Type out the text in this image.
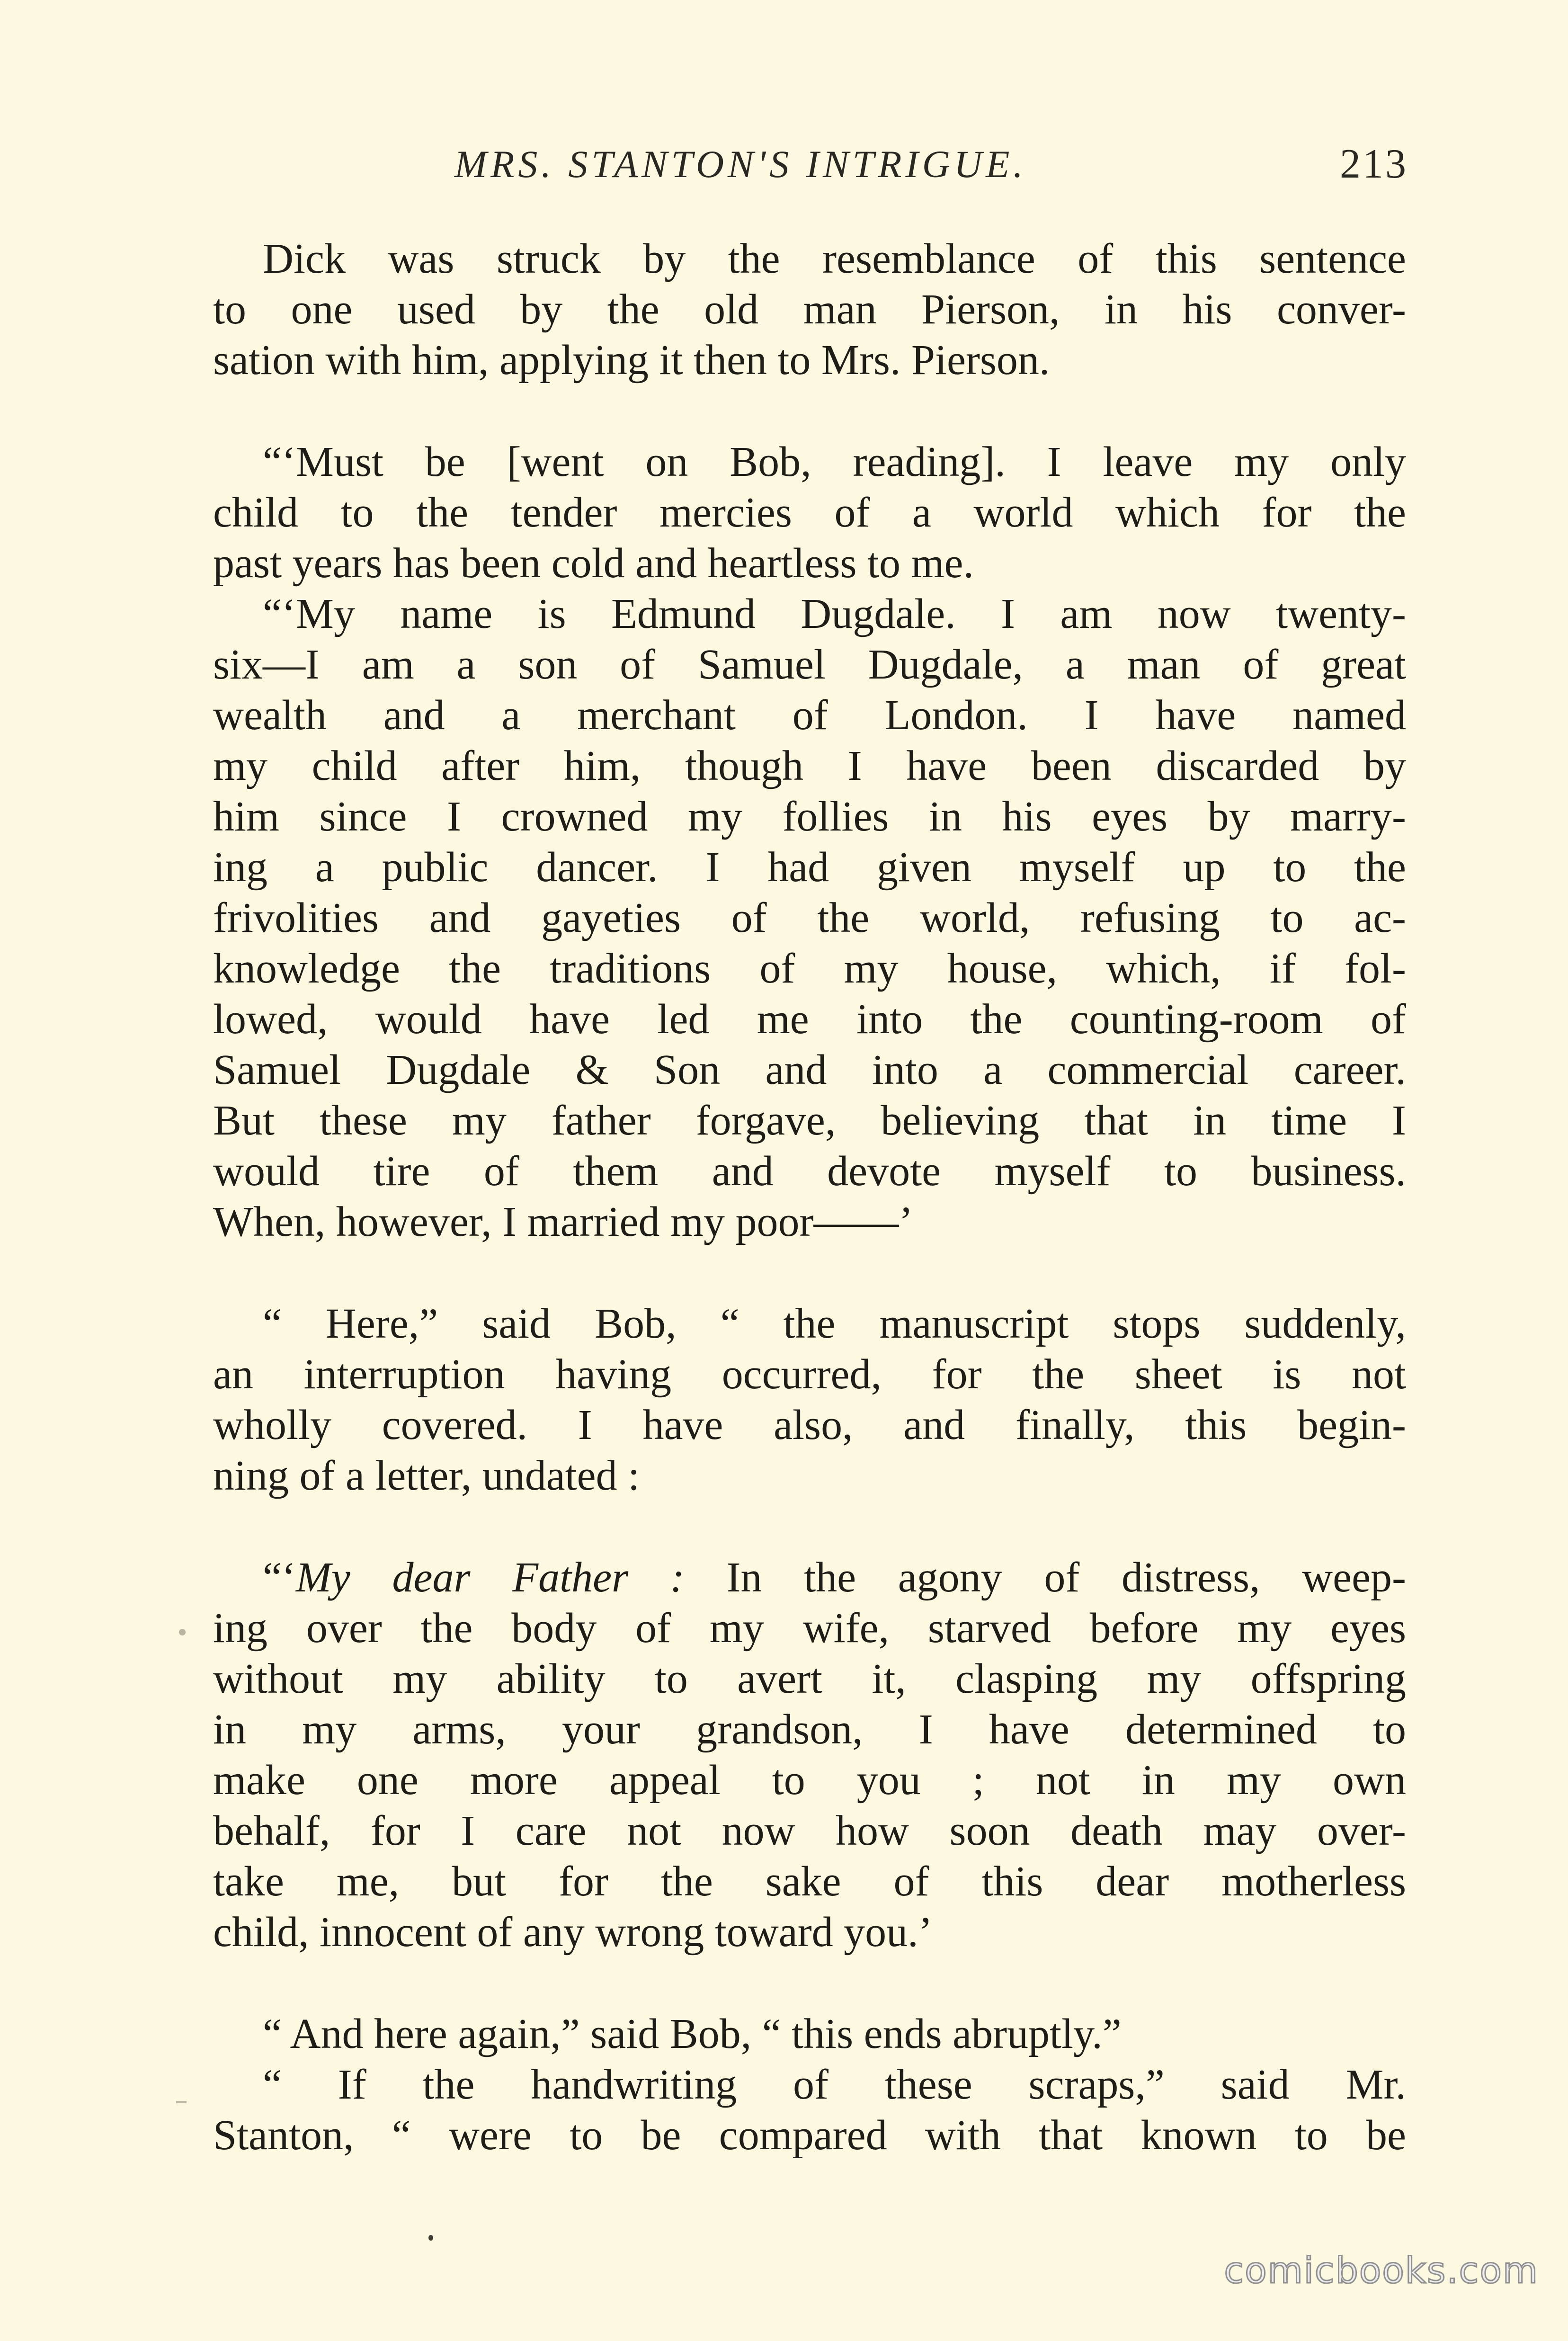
MRS. STANTON'S INTRIGUE.	213
Dick was struck by the resemblance of this sentence
to one used by the old man Pierson, in his conver-
sation with him, applying it then to Mrs. Pierson.
“‘Must be [went on Bob, reading]. I leave my only
child to the tender mercies of a world which for the
past years has been cold and heartless to me.
“‘My name is Edmund Dugdale. I am now twenty-
six—I am a son of Samuel Dugdale, a man of great
wealth and a merchant of London. I have named
my child after him, though I have been discarded by
him since I crowned my follies in his eyes by marry-
ing a public dancer. I had given myself up to the
frivolities and gayeties of the world, refusing to ac-
knowledge the traditions of my house, which, if fol-
lowed, would have led me into the counting-room of
Samuel Dugdale & Son and into a commercial career.
But these my father forgave, believing that in time I
would tire of them and devote myself to business.
When, however, I married my poor——’
“ Here,” said Bob, “ the manuscript stops suddenly,
an interruption having occurred, for the sheet is not
wholly covered. I have also, and finally, this begin-
ning of a letter, undated :
“‘My dear Father : In the agony of distress, weep-
ing over the body of my wife, starved before my eyes
without my ability to avert it, clasping my offspring
in my arms, your grandson, I have determined to
make one more appeal to you ; not in my own
behalf, for I care not now how soon death may over-
take me, but for the sake of this dear motherless
child, innocent of any wrong toward you.’
“ And here again,” said Bob, “ this ends abruptly.”
“ If the handwriting of these scraps,” said Mr.
Stanton, “ were to be compared with that known to be
comicbooks.com
